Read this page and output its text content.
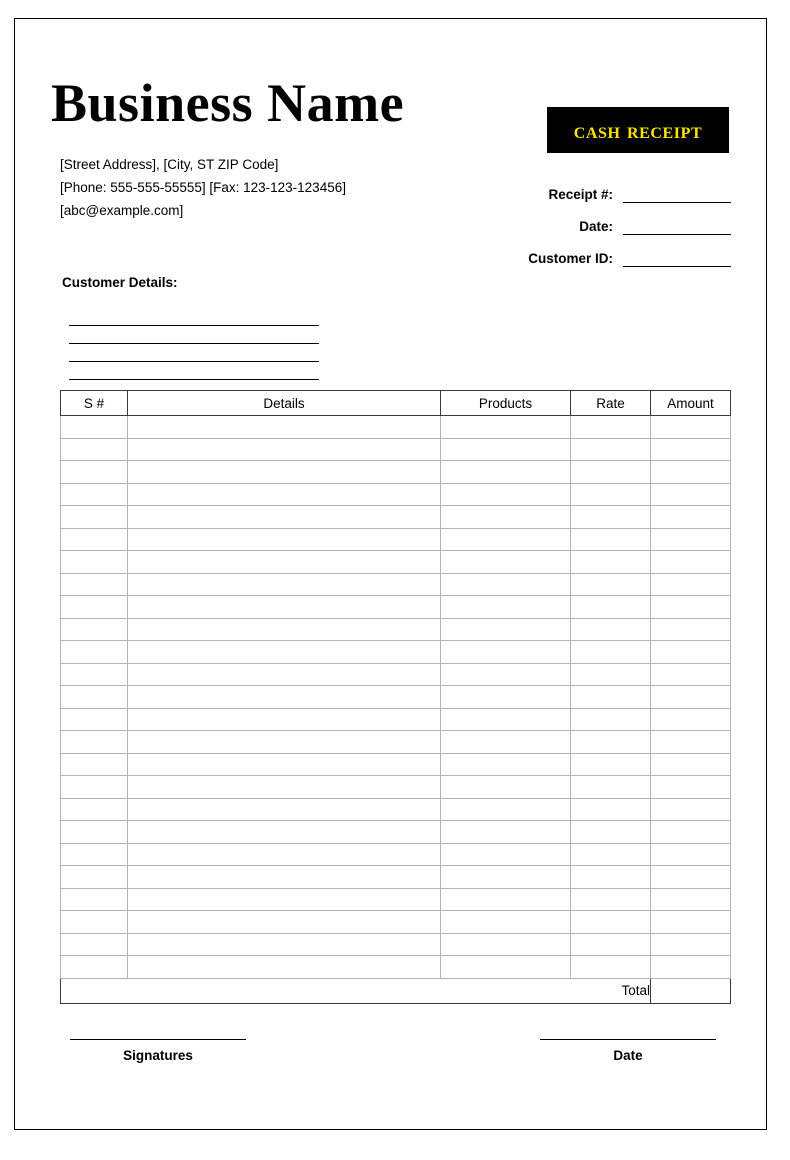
Business Name
[Street Address], [City, ST ZIP Code]
[Phone: 555-555-55555] [Fax: 123-123-123456]
[abc@example.com]
cash receipt
Receipt #:
Date:
Customer ID:
Customer Details:
S #	Details	Products	Rate	Amount

Total				
Signatures	Date
